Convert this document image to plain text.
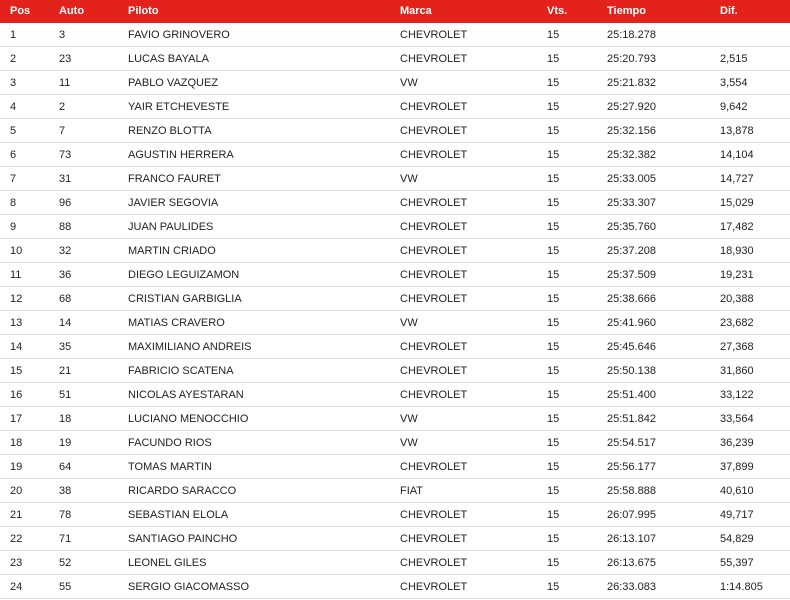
Pos	Auto	Piloto	Marca	Vts.	Tiempo	Dif.
1	3	FAVIO GRINOVERO	CHEVROLET	15	25:18.278	
2	23	LUCAS BAYALA	CHEVROLET	15	25:20.793	2,515
3	11	PABLO VAZQUEZ	VW	15	25:21.832	3,554
4	2	YAIR ETCHEVESTE	CHEVROLET	15	25:27.920	9,642
5	7	RENZO BLOTTA	CHEVROLET	15	25:32.156	13,878
6	73	AGUSTIN HERRERA	CHEVROLET	15	25:32.382	14,104
7	31	FRANCO FAURET	VW	15	25:33.005	14,727
8	96	JAVIER SEGOVIA	CHEVROLET	15	25:33.307	15,029
9	88	JUAN PAULIDES	CHEVROLET	15	25:35.760	17,482
10	32	MARTIN CRIADO	CHEVROLET	15	25:37.208	18,930
11	36	DIEGO LEGUIZAMON	CHEVROLET	15	25:37.509	19,231
12	68	CRISTIAN GARBIGLIA	CHEVROLET	15	25:38.666	20,388
13	14	MATIAS CRAVERO	VW	15	25:41.960	23,682
14	35	MAXIMILIANO ANDREIS	CHEVROLET	15	25:45.646	27,368
15	21	FABRICIO SCATENA	CHEVROLET	15	25:50.138	31,860
16	51	NICOLAS AYESTARAN	CHEVROLET	15	25:51.400	33,122
17	18	LUCIANO MENOCCHIO	VW	15	25:51.842	33,564
18	19	FACUNDO RIOS	VW	15	25:54.517	36,239
19	64	TOMAS MARTIN	CHEVROLET	15	25:56.177	37,899
20	38	RICARDO SARACCO	FIAT	15	25:58.888	40,610
21	78	SEBASTIAN ELOLA	CHEVROLET	15	26:07.995	49,717
22	71	SANTIAGO PAINCHO	CHEVROLET	15	26:13.107	54,829
23	52	LEONEL GILES	CHEVROLET	15	26:13.675	55,397
24	55	SERGIO GIACOMASSO	CHEVROLET	15	26:33.083	1:14.805
